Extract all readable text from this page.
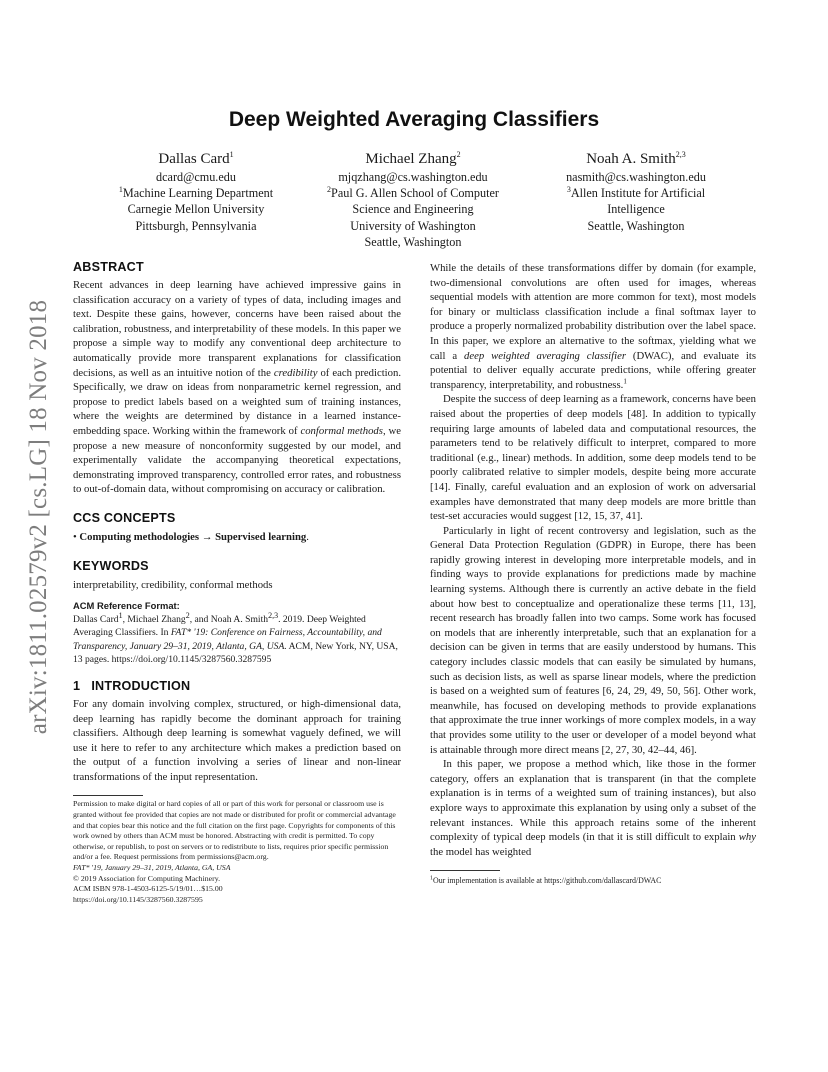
arXiv:1811.02579v2 [cs.LG] 18 Nov 2018
Deep Weighted Averaging Classifiers
Dallas Card$^1$
dcard@cmu.edu
$^1$Machine Learning Department
Carnegie Mellon University
Pittsburgh, Pennsylvania
Michael Zhang$^2$
mjqzhang@cs.washington.edu
$^2$Paul G. Allen School of Computer
Science and Engineering
University of Washington
Seattle, Washington
Noah A. Smith$^{2,3}$
nasmith@cs.washington.edu
$^3$Allen Institute for Artificial
Intelligence
Seattle, Washington
ABSTRACT

Recent advances in deep learning have achieved impressive gains in classification accuracy on a variety of types of data, including images and text. Despite these gains, however, concerns have been raised about the calibration, robustness, and interpretability of these models. In this paper we propose a simple way to modify any conventional deep architecture to automatically provide more transparent explanations for classification decisions, as well as an intuitive notion of the credibility of each prediction. Specifically, we draw on ideas from nonparametric kernel regression, and propose to predict labels based on a weighted sum of training instances, where the weights are determined by distance in a learned instance-embedding space. Working within the framework of conformal methods, we propose a new measure of nonconformity suggested by our model, and experimentally validate the accompanying theoretical expectations, demonstrating improved transparency, controlled error rates, and robustness to out-of-domain data, without compromising on accuracy or calibration.

CCS CONCEPTS

• Computing methodologies → Supervised learning.

KEYWORDS

interpretability, credibility, conformal methods

ACM Reference Format:

Dallas Card$^1$, Michael Zhang$^2$, and Noah A. Smith$^{2,3}$. 2019. Deep Weighted Averaging Classifiers. In FAT* '19: Conference on Fairness, Accountability, and Transparency, January 29–31, 2019, Atlanta, GA, USA. ACM, New York, NY, USA, 13 pages. https://doi.org/10.1145/3287560.3287595

1 INTRODUCTION

For any domain involving complex, structured, or high-dimensional data, deep learning has rapidly become the dominant approach for training classifiers. Although deep learning is somewhat vaguely defined, we will use it here to refer to any architecture which makes a prediction based on the output of a function involving a series of linear and non-linear transformations of the input representation.

Permission to make digital or hard copies of all or part of this work for personal or classroom use is granted without fee provided that copies are not made or distributed for profit or commercial advantage and that copies bear this notice and the full citation on the first page. Copyrights for components of this work owned by others than ACM must be honored. Abstracting with credit is permitted. To copy otherwise, or republish, to post on servers or to redistribute to lists, requires prior specific permission and/or a fee. Request permissions from permissions@acm.org.

FAT* '19, January 29–31, 2019, Atlanta, GA, USA

© 2019 Association for Computing Machinery.

ACM ISBN 978-1-4503-6125-5/19/01…$15.00

https://doi.org/10.1145/3287560.3287595

While the details of these transformations differ by domain (for example, two-dimensional convolutions are often used for images, whereas sequential models with attention are more common for text), most models for binary or multiclass classification include a final softmax layer to produce a properly normalized probability distribution over the label space. In this paper, we explore an alternative to the softmax, yielding what we call a deep weighted averaging classifier (DWAC), and evaluate its potential to deliver equally accurate predictions, while offering greater transparency, interpretability, and robustness.$^1$

Despite the success of deep learning as a framework, concerns have been raised about the properties of deep models [48]. In addition to typically requiring large amounts of labeled data and computational resources, the parameters tend to be relatively difficult to interpret, compared to more traditional (e.g., linear) methods. In addition, some deep models tend to be poorly calibrated relative to simpler models, despite being more accurate [14]. Finally, careful evaluation and an explosion of work on adversarial examples have demonstrated that many deep models are more brittle than test-set accuracies would suggest [12, 15, 37, 41].

Particularly in light of recent controversy and legislation, such as the General Data Protection Regulation (GDPR) in Europe, there has been rapidly growing interest in developing more interpretable models, and in finding ways to provide explanations for predictions made by machine learning systems. Although there is currently an active debate in the field about how best to conceptualize and operationalize these terms [11, 13], recent research has broadly fallen into two camps. Some work has focused on models that are inherently interpretable, such that an explanation for a decision can be given in terms that are easily understood by humans. This category includes classic models that can easily be simulated by humans, such as decision lists, as well as sparse linear models, where the prediction is based on a weighted sum of features [6, 24, 29, 49, 50, 56]. Other work, meanwhile, has focused on developing methods to provide explanations that approximate the true inner workings of more complex models, in a way that provides some utility to the user or developer of a model beyond what is attainable through more direct means [2, 27, 30, 42–44, 46].

In this paper, we propose a method which, like those in the former category, offers an explanation that is transparent (in that the complete explanation is in terms of a weighted sum of training instances), but also explore ways to approximate this explanation by using only a subset of the relevant instances. While this approach retains some of the inherent complexity of typical deep models (in that it is still difficult to explain why the model has weighted

$^1$Our implementation is available at https://github.com/dallascard/DWAC
